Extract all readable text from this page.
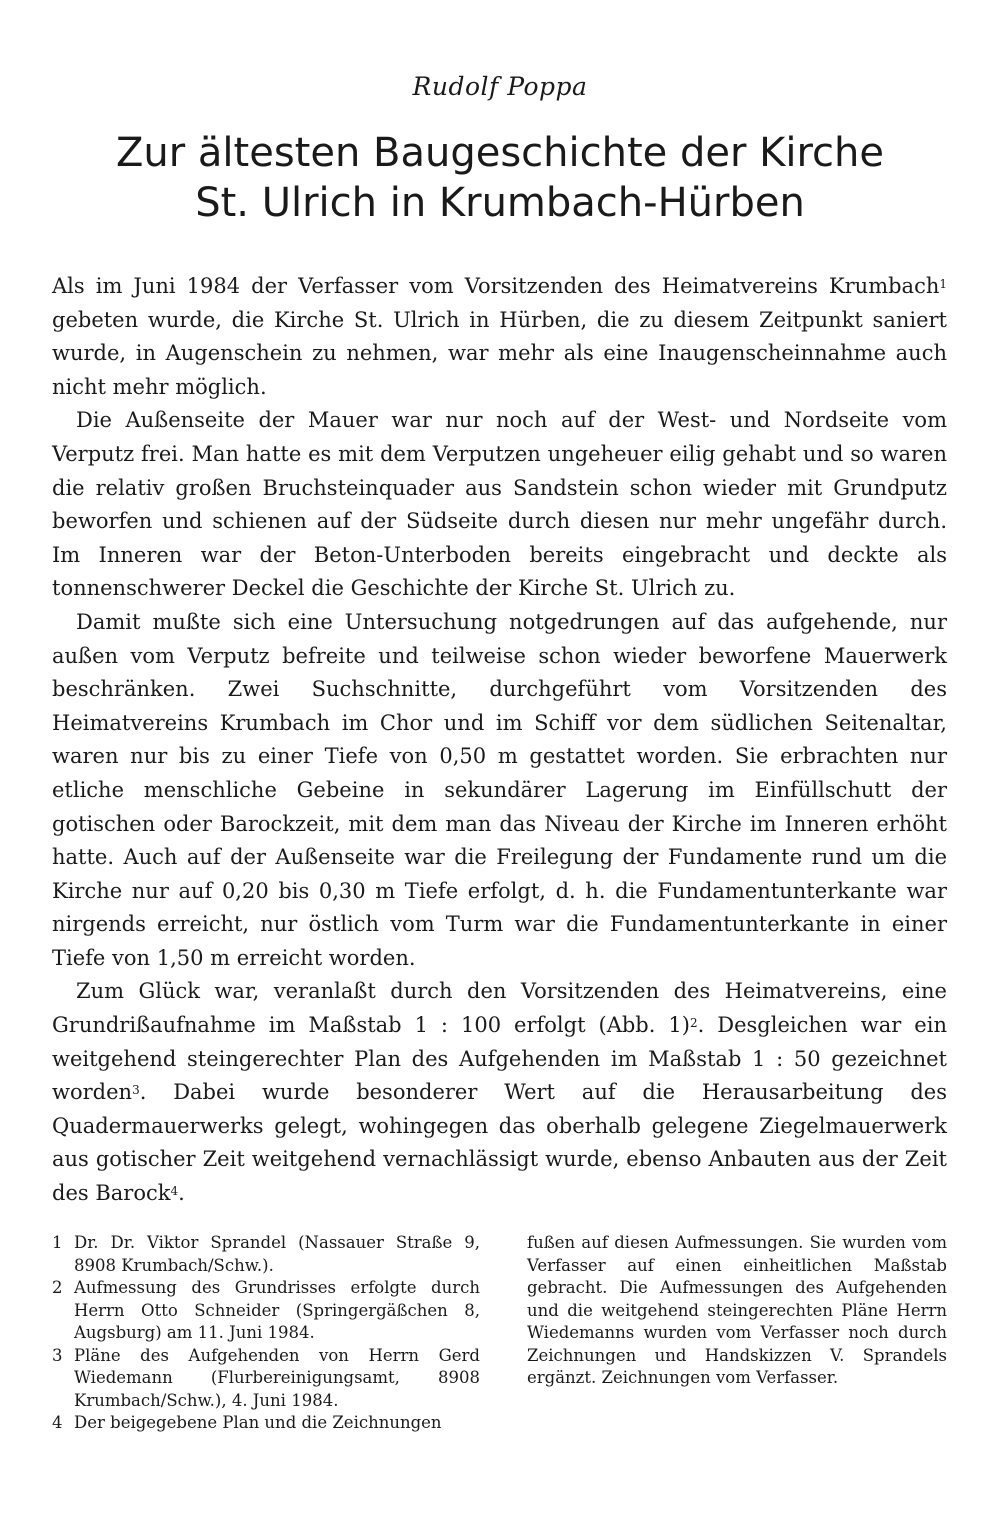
Rudolf Poppa
Zur ältesten Baugeschichte der Kirche
St. Ulrich in Krumbach-Hürben

Als im Juni 1984 der Verfasser vom Vorsitzenden des Heimatvereins Krumbach$^1$ gebeten wurde, die Kirche St. Ulrich in Hürben, die zu diesem Zeitpunkt saniert wurde, in Augenschein zu nehmen, war mehr als eine Inaugenscheinnahme auch nicht mehr möglich.

Die Außenseite der Mauer war nur noch auf der West- und Nordseite vom Verputz frei. Man hatte es mit dem Verputzen ungeheuer eilig gehabt und so waren die relativ großen Bruchsteinquader aus Sandstein schon wieder mit Grundputz beworfen und schienen auf der Südseite durch diesen nur mehr ungefähr durch. Im Inneren war der Beton-Unterboden bereits eingebracht und deckte als tonnenschwerer Deckel die Geschichte der Kirche St. Ulrich zu.

Damit mußte sich eine Untersuchung notgedrungen auf das aufgehende, nur außen vom Verputz befreite und teilweise schon wieder beworfene Mauerwerk beschränken. Zwei Suchschnitte, durchgeführt vom Vorsitzenden des Heimatvereins Krumbach im Chor und im Schiff vor dem südlichen Seitenaltar, waren nur bis zu einer Tiefe von 0,50 m gestattet worden. Sie erbrachten nur etliche menschliche Gebeine in sekundärer Lagerung im Einfüllschutt der gotischen oder Barockzeit, mit dem man das Niveau der Kirche im Inneren erhöht hatte. Auch auf der Außenseite war die Freilegung der Fundamente rund um die Kirche nur auf 0,20 bis 0,30 m Tiefe erfolgt, d. h. die Fundamentunterkante war nirgends erreicht, nur östlich vom Turm war die Fundamentunterkante in einer Tiefe von 1,50 m erreicht worden.

Zum Glück war, veranlaßt durch den Vorsitzenden des Heimatvereins, eine Grundrißaufnahme im Maßstab 1 : 100 erfolgt (Abb. 1)$^2$. Desgleichen war ein weitgehend steingerechter Plan des Aufgehenden im Maßstab 1 : 50 gezeichnet worden$^3$. Dabei wurde besonderer Wert auf die Herausarbeitung des Quadermauerwerks gelegt, wohingegen das oberhalb gelegene Ziegelmauerwerk aus gotischer Zeit weitgehend vernachlässigt wurde, ebenso Anbauten aus der Zeit des Barock$^4$.

1 Dr. Dr. Viktor Sprandel (Nassauer Straße 9, 8908 Krumbach/Schw.).
2 Aufmessung des Grundrisses erfolgte durch Herrn Otto Schneider (Springergäßchen 8, Augsburg) am 11. Juni 1984.
3 Pläne des Aufgehenden von Herrn Gerd Wiedemann (Flurbereinigungsamt, 8908 Krumbach/Schw.), 4. Juni 1984.
4 Der beigegebene Plan und die Zeichnungen
fußen auf diesen Aufmessungen. Sie wurden vom Verfasser auf einen einheitlichen Maßstab gebracht. Die Aufmessungen des Aufgehenden und die weitgehend steingerechten Pläne Herrn Wiedemanns wurden vom Verfasser noch durch Zeichnungen und Handskizzen V. Sprandels ergänzt. Zeichnungen vom Verfasser.
